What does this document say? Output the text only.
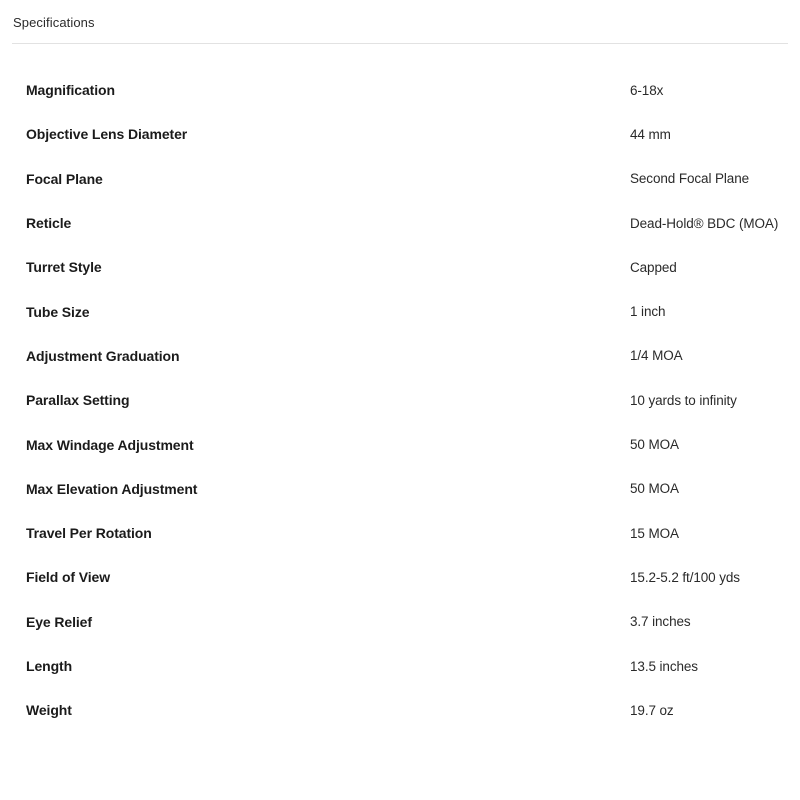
Specifications
Magnification	6-18x
Objective Lens Diameter	44 mm
Focal Plane	Second Focal Plane
Reticle	Dead-Hold® BDC (MOA)
Turret Style	Capped
Tube Size	1 inch
Adjustment Graduation	1/4 MOA
Parallax Setting	10 yards to infinity
Max Windage Adjustment	50 MOA
Max Elevation Adjustment	50 MOA
Travel Per Rotation	15 MOA
Field of View	15.2-5.2 ft/100 yds
Eye Relief	3.7 inches
Length	13.5 inches
Weight	19.7 oz
